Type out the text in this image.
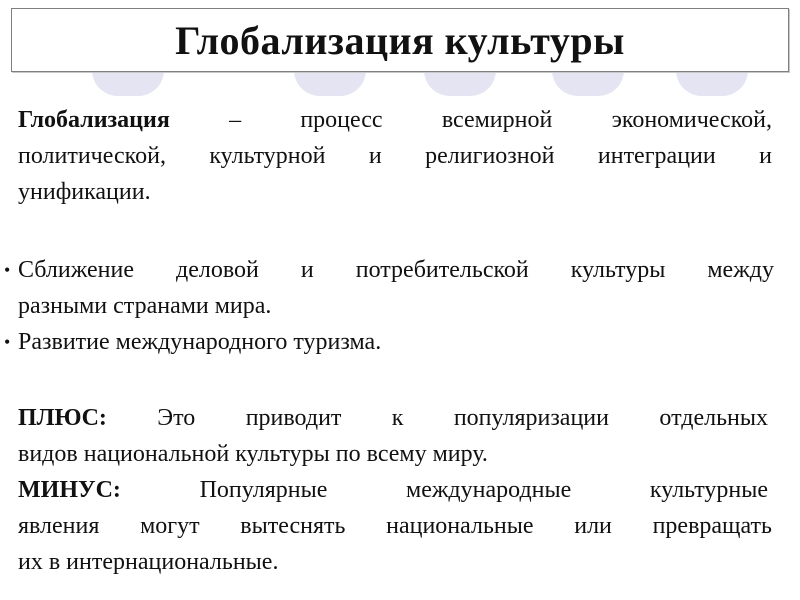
Глобализация культуры
Глобализация – процесс всемирной экономической,
политической, культурной и религиозной интеграции и
унификации.
• Сближение деловой и потребительской культуры между
разными странами мира.
• Развитие международного туризма.
ПЛЮС: Это приводит к популяризации отдельных
видов национальной культуры по всему миру.
МИНУС: Популярные международные культурные
явления могут вытеснять национальные или превращать
их в интернациональные.
